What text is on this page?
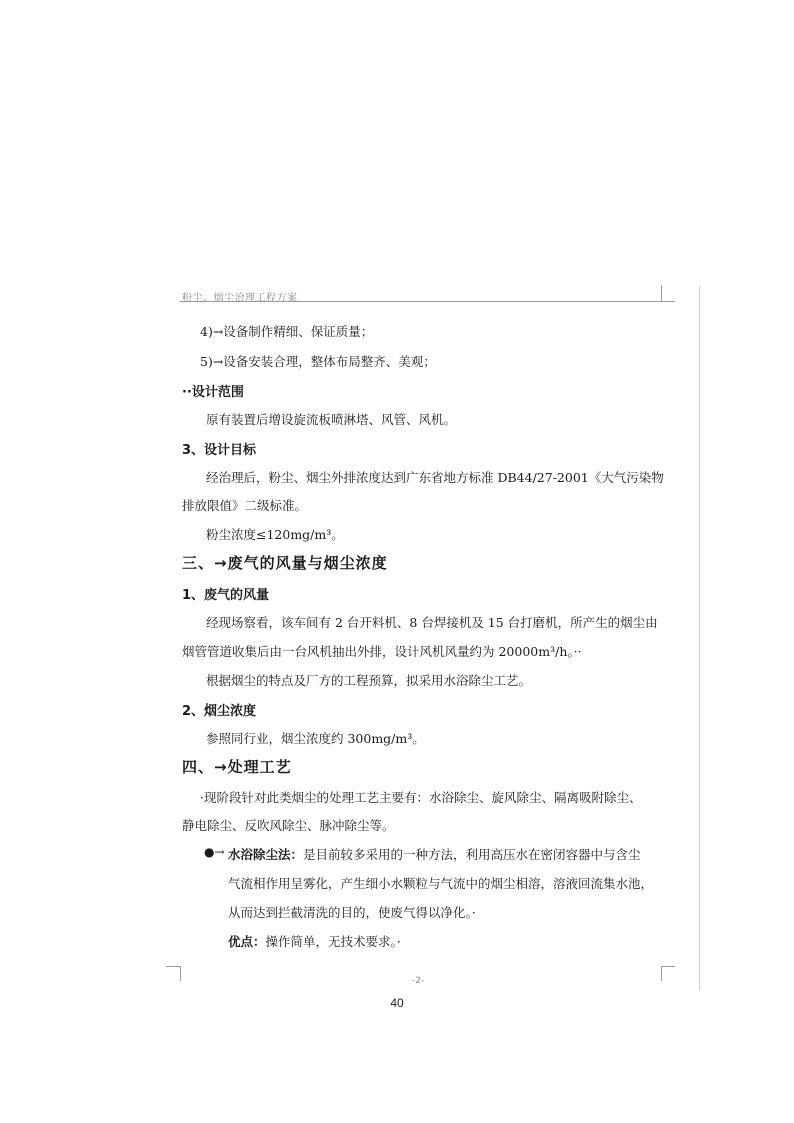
粉尘、烟尘治理工程方案
4)→设备制作精细、保证质量；
5)→设备安装合理，整体布局整齐、美观；
··设计范围
原有装置后增设旋流板喷淋塔、风管、风机。
3、设计目标
经治理后，粉尘、烟尘外排浓度达到广东省地方标准 DB44/27-2001《大气污染物
排放限值》二级标准。
粉尘浓度≤120mg/m³。
三、→废气的风量与烟尘浓度
1、废气的风量
经现场察看，该车间有 2 台开料机、8 台焊接机及 15 台打磨机，所产生的烟尘由
烟管管道收集后由一台风机抽出外排，设计风机风量约为 20000m³/h。··
根据烟尘的特点及厂方的工程预算，拟采用水浴除尘工艺。
2、烟尘浓度
参照同行业，烟尘浓度约 300mg/m³。
四、→处理工艺
·现阶段针对此类烟尘的处理工艺主要有：水浴除尘、旋风除尘、隔离吸附除尘、
静电除尘、反吹风除尘、脉冲除尘等。
●→ 水浴除尘法：是目前较多采用的一种方法，利用高压水在密闭容器中与含尘
气流相作用呈雾化，产生细小水颗粒与气流中的烟尘相溶，溶液回流集水池，
从而达到拦截清洗的目的，使废气得以净化。·
优点：操作简单，无技术要求。·
-2-
40
